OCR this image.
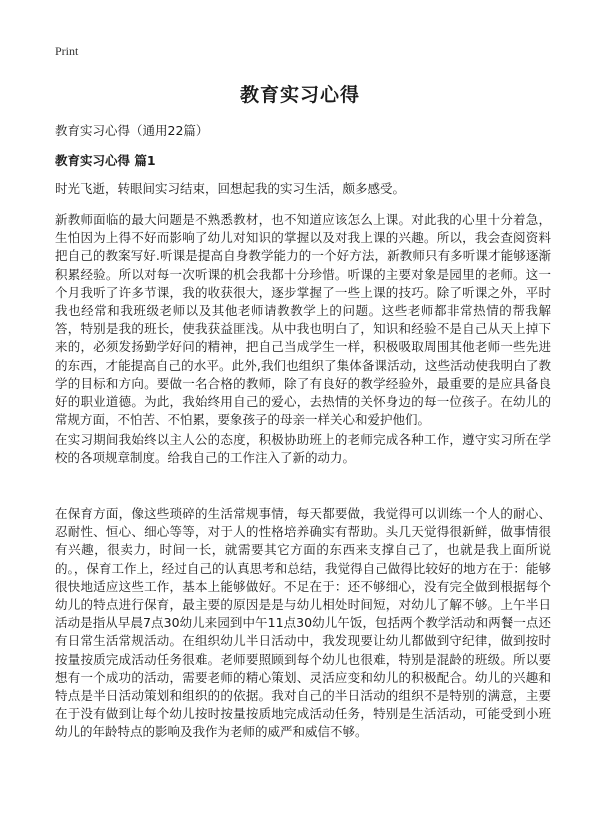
Print
教育实习心得
教育实习心得（通用22篇）
教育实习心得 篇1

时光飞逝，转眼间实习结束，回想起我的实习生活，颇多感受。

新教师面临的最大问题是不熟悉教材，也不知道应该怎么上课。对此我的心里十分着急，生怕因为上得不好而影响了幼儿对知识的掌握以及对我上课的兴趣。所以，我会查阅资料把自己的教案写好.听课是提高自身教学能力的一个好方法，新教师只有多听课才能够逐渐积累经验。所以对每一次听课的机会我都十分珍惜。听课的主要对象是园里的老师。这一个月我听了许多节课，我的收获很大，逐步掌握了一些上课的技巧。除了听课之外，平时我也经常和我班级老师以及其他老师请教教学上的问题。这些老师都非常热情的帮我解答，特别是我的班长，使我获益匪浅。从中我也明白了，知识和经验不是自己从天上掉下来的，必须发扬勤学好问的精神，把自己当成学生一样，积极吸取周围其他老师一些先进的东西，才能提高自己的水平。此外,我们也组织了集体备课活动，这些活动使我明白了教学的目标和方向。要做一名合格的教师，除了有良好的教学经验外，最重要的是应具备良好的职业道德。为此，我始终用自己的爱心，去热情的关怀身边的每一位孩子。在幼儿的常规方面，不怕苦、不怕累，要象孩子的母亲一样关心和爱护他们。

在实习期间我始终以主人公的态度，积极协助班上的老师完成各种工作，遵守实习所在学校的各项规章制度。给我自己的工作注入了新的动力。

在保育方面，像这些琐碎的生活常规事情，每天都要做，我觉得可以训练一个人的耐心、忍耐性、恒心、细心等等，对于人的性格培养确实有帮助。头几天觉得很新鲜，做事情很有兴趣，很卖力，时间一长，就需要其它方面的东西来支撑自己了，也就是我上面所说的。，保育工作上，经过自己的认真思考和总结，我觉得自己做得比较好的地方在于：能够很快地适应这些工作，基本上能够做好。不足在于：还不够细心，没有完全做到根据每个幼儿的特点进行保育，最主要的原因是是与幼儿相处时间短，对幼儿了解不够。上午半日活动是指从早晨7点30幼儿来园到中午11点30幼儿午饭，包括两个教学活动和两餐一点还有日常生活常规活动。在组织幼儿半日活动中，我发现要让幼儿都做到守纪律，做到按时按量按质完成活动任务很难。老师要照顾到每个幼儿也很难，特别是混龄的班级。所以要想有一个成功的活动，需要老师的精心策划、灵活应变和幼儿的积极配合。幼儿的兴趣和特点是半日活动策划和组织的的依据。我对自己的半日活动的组织不是特别的满意，主要在于没有做到让每个幼儿按时按量按质地完成活动任务，特别是生活活动，可能受到小班幼儿的年龄特点的影响及我作为老师的威严和威信不够。
